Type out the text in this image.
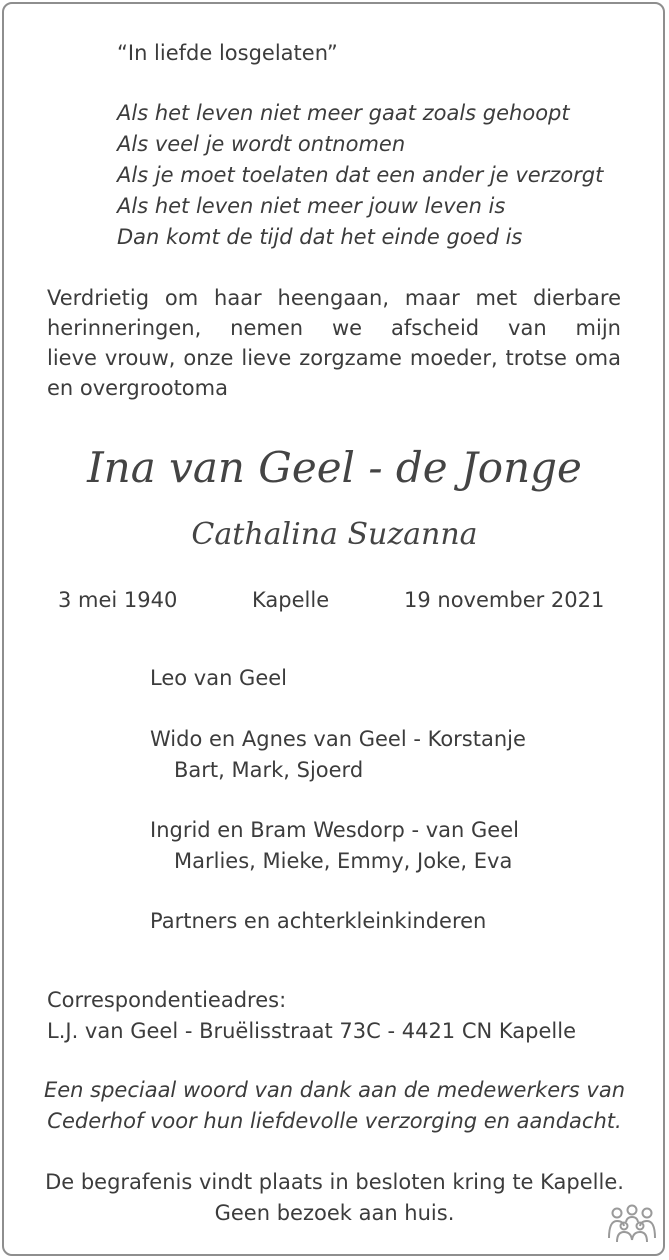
“In liefde losgelaten”
Als het leven niet meer gaat zoals gehoopt
Als veel je wordt ontnomen
Als je moet toelaten dat een ander je verzorgt
Als het leven niet meer jouw leven is
Dan komt de tijd dat het einde goed is
Verdrietig om haar heengaan, maar met dierbare
herinneringen, nemen we afscheid van mijn
lieve vrouw, onze lieve zorgzame moeder, trotse oma
en overgrootoma
Ina van Geel - de Jonge
Cathalina Suzanna
3 mei 1940	Kapelle	19 november 2021
Leo van Geel
Wido en Agnes van Geel - Korstanje
Bart, Mark, Sjoerd
Ingrid en Bram Wesdorp - van Geel
Marlies, Mieke, Emmy, Joke, Eva
Partners en achterkleinkinderen
Correspondentieadres:
L.J. van Geel - Bruëlisstraat 73C - 4421 CN Kapelle
Een speciaal woord van dank aan de medewerkers van
Cederhof voor hun liefdevolle verzorging en aandacht.
De begrafenis vindt plaats in besloten kring te Kapelle.
Geen bezoek aan huis.
